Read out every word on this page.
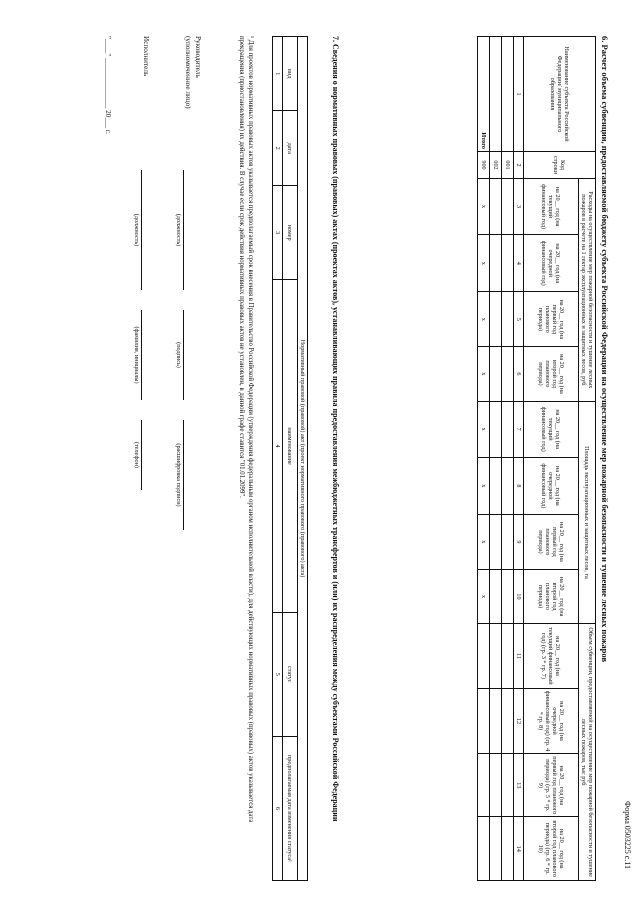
Форма 0503225 с.11
6. Расчет объема субвенции, предоставляемой бюджету субъекта Российской Федерации на осуществление мер пожарной безопасности и тушение лесных пожаров
Наименование субъекта Российской Федерации/ муниципального образования	Код строки	Расходы на осуществление мер пожарной безопасности и тушение лесных пожаров в расчете на 1 гектар эксплуатационных и защитных лесов, руб				Площадь эксплуатационных и защитных лесов, га				Объем субвенции, предоставляемой на осуществление мер пожарной безопасности и тушение лесных пожаров, тыс руб			
		на 20__ год (на текущий финансовый год)	на 20__ год (на очередной финансовый год)	на 20__ год (на первый год планового периода)	на 20__ год (на второй год планового периода)	на 20__ год (на текущий финансовый год)	на 20__ год (на очередной финансовый год)	на 20__ год (на первый год планового периода)	на 20__ год (на второй год планового периода)	на 20__ год (на текущий финансовый год) (гр. 3 * гр. 7)	на 20__ год (на очередной финансовый год) (гр. 4 * гр. 8)	на 20__ год (на первый год планового периода) (гр. 5 * гр. 9)	на 20__ год (на второй год планового периода) (гр. 6 * гр. 10)
1	2	3	4	5	6	7	8	9	10	11	12	13	14
	001												
	002												
Итого	900	x	x	x	x	x	x	x	x				
7. Сведения о нормативных правовых (правовых) актах (проектах актов), устанавливающих правила предоставления межбюджетных трансфертов и (или) их распределения между субъектами Российской Федерации
Нормативный правовой (правовой) акт (проект нормативного правового (правового) акта)					
вид	дата	номер	наименование	статус	предполагаемая дата изменения статуса¹
1	2	3	4	5	6
¹ Для проектов нормативных правовых актов указывается предполагаемый срок внесения в Правительство Российской Федерации (утверждения федеральным органом исполнительной власти), для действующих нормативных правовых (правовых) актов указывается дата прекращения (приостановления) их действия. В случае если срок действия нормативных правовых актов не установлен, в данной графе ставится "01.01.2099".
Руководитель
(уполномоченное лицо)
(должность)
(подпись)
(расшифровка подписи)
Исполнитель
(должность)
(фамилия, инициалы)
(телефон)
"____" ______________ 20___ г.
